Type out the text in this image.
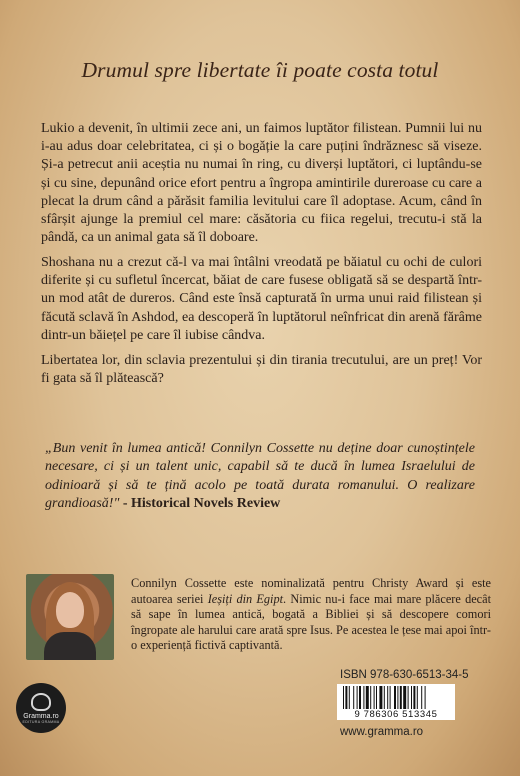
Drumul spre libertate îi poate costa totul

Lukio a devenit, în ultimii zece ani, un faimos luptător filistean. Pumnii lui nu i-au adus doar celebritatea, ci și o bogăție la care puțini îndrăznesc să viseze. Și-a petrecut anii aceștia nu numai în ring, cu diverși luptători, ci luptându-se și cu sine, depunând orice efort pentru a îngropa amintirile dureroase cu care a plecat la drum când a părăsit familia levitului care îl adoptase. Acum, când în sfârșit ajunge la premiul cel mare: căsătoria cu fiica regelui, trecutu-i stă la pândă, ca un animal gata să îl doboare.

Shoshana nu a crezut că-l va mai întâlni vreodată pe băiatul cu ochi de culori diferite și cu sufletul încercat, băiat de care fusese obligată să se despartă într-un mod atât de dureros. Când este însă capturată în urma unui raid filistean și făcută sclavă în Ashdod, ea descoperă în luptătorul neînfricat din arenă fărâme dintr-un băiețel pe care îl iubise cândva.

Libertatea lor, din sclavia prezentului și din tirania trecutului, are un preț! Vor fi gata să îl plătească?

„Bun venit în lumea antică! Connilyn Cossette nu deține doar cunoștințele necesare, ci și un talent unic, capabil să te ducă în lumea Israelului de odinioară și să te țină acolo pe toată durata romanului. O realizare grandioasă!" - Historical Novels Review

Connilyn Cossette este nominalizată pentru Christy Award și este autoarea seriei Ieșiți din Egipt. Nimic nu-i face mai mare plăcere decât să sape în lumea antică, bogată a Bibliei și să descopere comori îngropate ale harului care arată spre Isus. Pe acestea le țese mai apoi într-o experiență fictivă captivantă.

Gramma.ro
EDITURA GRAMMA
ISBN 978-630-6513-34-5
9 786306 513345
www.gramma.ro
